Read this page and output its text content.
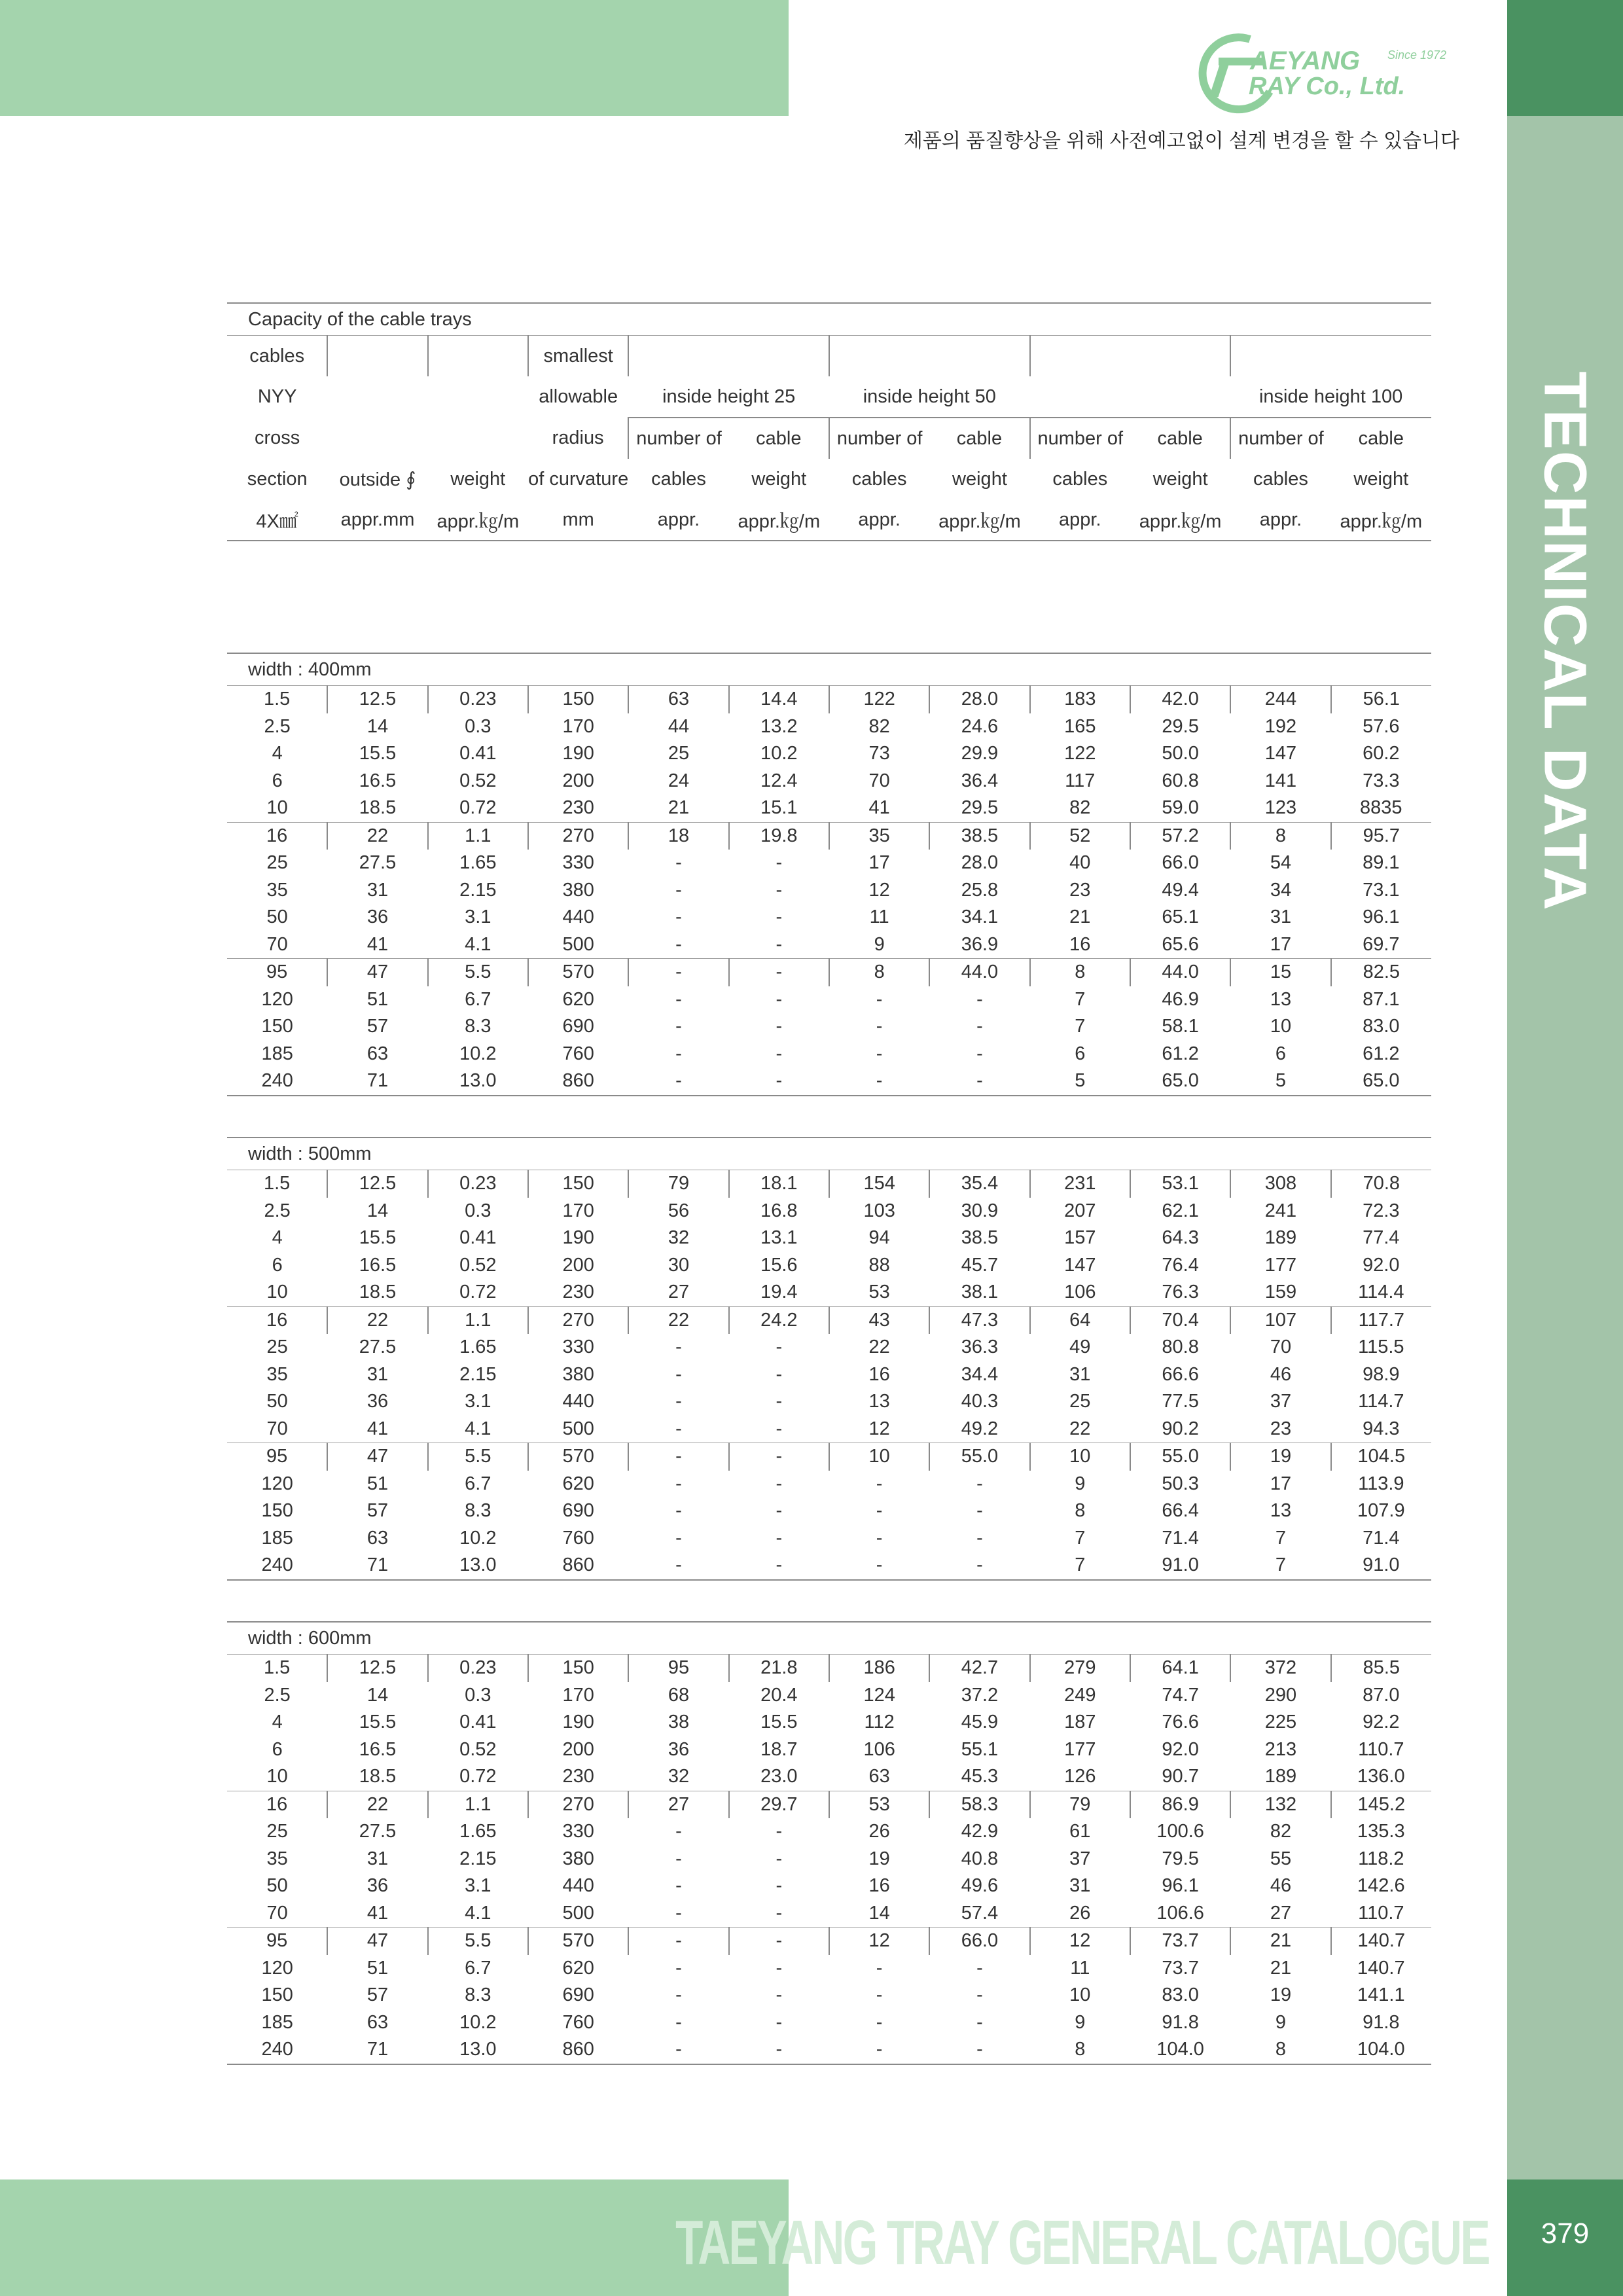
TECHNICAL DATA
TAEYANG TRAY GENERAL CATALOGUE	379
AEYANG
RAY Co., Ltd.
Since 1972
제품의 품질향상을 위해 사전예고없이 설계 변경을 할 수 있습니다
Capacity of the cable trays											
cables			smallest								
NYY			allowable	inside height 25		inside height 50				inside height 100	
cross			radius	number of	cable	number of	cable	number of	cable	number of	cable
section	outside ∮	weight	of curvature	cables	weight	cables	weight	cables	weight	cables	weight
4X㎟	appr.mm	appr.㎏/m	mm	appr.	appr.㎏/m	appr.	appr.㎏/m	appr.	appr.㎏/m	appr.	appr.㎏/m
width : 400mm											
1.5	12.5	0.23	150	63	14.4	122	28.0	183	42.0	244	56.1
2.5	14	0.3	170	44	13.2	82	24.6	165	29.5	192	57.6
4	15.5	0.41	190	25	10.2	73	29.9	122	50.0	147	60.2
6	16.5	0.52	200	24	12.4	70	36.4	117	60.8	141	73.3
10	18.5	0.72	230	21	15.1	41	29.5	82	59.0	123	8835
16	22	1.1	270	18	19.8	35	38.5	52	57.2	8	95.7
25	27.5	1.65	330	-	-	17	28.0	40	66.0	54	89.1
35	31	2.15	380	-	-	12	25.8	23	49.4	34	73.1
50	36	3.1	440	-	-	11	34.1	21	65.1	31	96.1
70	41	4.1	500	-	-	9	36.9	16	65.6	17	69.7
95	47	5.5	570	-	-	8	44.0	8	44.0	15	82.5
120	51	6.7	620	-	-	-	-	7	46.9	13	87.1
150	57	8.3	690	-	-	-	-	7	58.1	10	83.0
185	63	10.2	760	-	-	-	-	6	61.2	6	61.2
240	71	13.0	860	-	-	-	-	5	65.0	5	65.0
width : 500mm											
1.5	12.5	0.23	150	79	18.1	154	35.4	231	53.1	308	70.8
2.5	14	0.3	170	56	16.8	103	30.9	207	62.1	241	72.3
4	15.5	0.41	190	32	13.1	94	38.5	157	64.3	189	77.4
6	16.5	0.52	200	30	15.6	88	45.7	147	76.4	177	92.0
10	18.5	0.72	230	27	19.4	53	38.1	106	76.3	159	114.4
16	22	1.1	270	22	24.2	43	47.3	64	70.4	107	117.7
25	27.5	1.65	330	-	-	22	36.3	49	80.8	70	115.5
35	31	2.15	380	-	-	16	34.4	31	66.6	46	98.9
50	36	3.1	440	-	-	13	40.3	25	77.5	37	114.7
70	41	4.1	500	-	-	12	49.2	22	90.2	23	94.3
95	47	5.5	570	-	-	10	55.0	10	55.0	19	104.5
120	51	6.7	620	-	-	-	-	9	50.3	17	113.9
150	57	8.3	690	-	-	-	-	8	66.4	13	107.9
185	63	10.2	760	-	-	-	-	7	71.4	7	71.4
240	71	13.0	860	-	-	-	-	7	91.0	7	91.0
width : 600mm											
1.5	12.5	0.23	150	95	21.8	186	42.7	279	64.1	372	85.5
2.5	14	0.3	170	68	20.4	124	37.2	249	74.7	290	87.0
4	15.5	0.41	190	38	15.5	112	45.9	187	76.6	225	92.2
6	16.5	0.52	200	36	18.7	106	55.1	177	92.0	213	110.7
10	18.5	0.72	230	32	23.0	63	45.3	126	90.7	189	136.0
16	22	1.1	270	27	29.7	53	58.3	79	86.9	132	145.2
25	27.5	1.65	330	-	-	26	42.9	61	100.6	82	135.3
35	31	2.15	380	-	-	19	40.8	37	79.5	55	118.2
50	36	3.1	440	-	-	16	49.6	31	96.1	46	142.6
70	41	4.1	500	-	-	14	57.4	26	106.6	27	110.7
95	47	5.5	570	-	-	12	66.0	12	73.7	21	140.7
120	51	6.7	620	-	-	-	-	11	73.7	21	140.7
150	57	8.3	690	-	-	-	-	10	83.0	19	141.1
185	63	10.2	760	-	-	-	-	9	91.8	9	91.8
240	71	13.0	860	-	-	-	-	8	104.0	8	104.0
